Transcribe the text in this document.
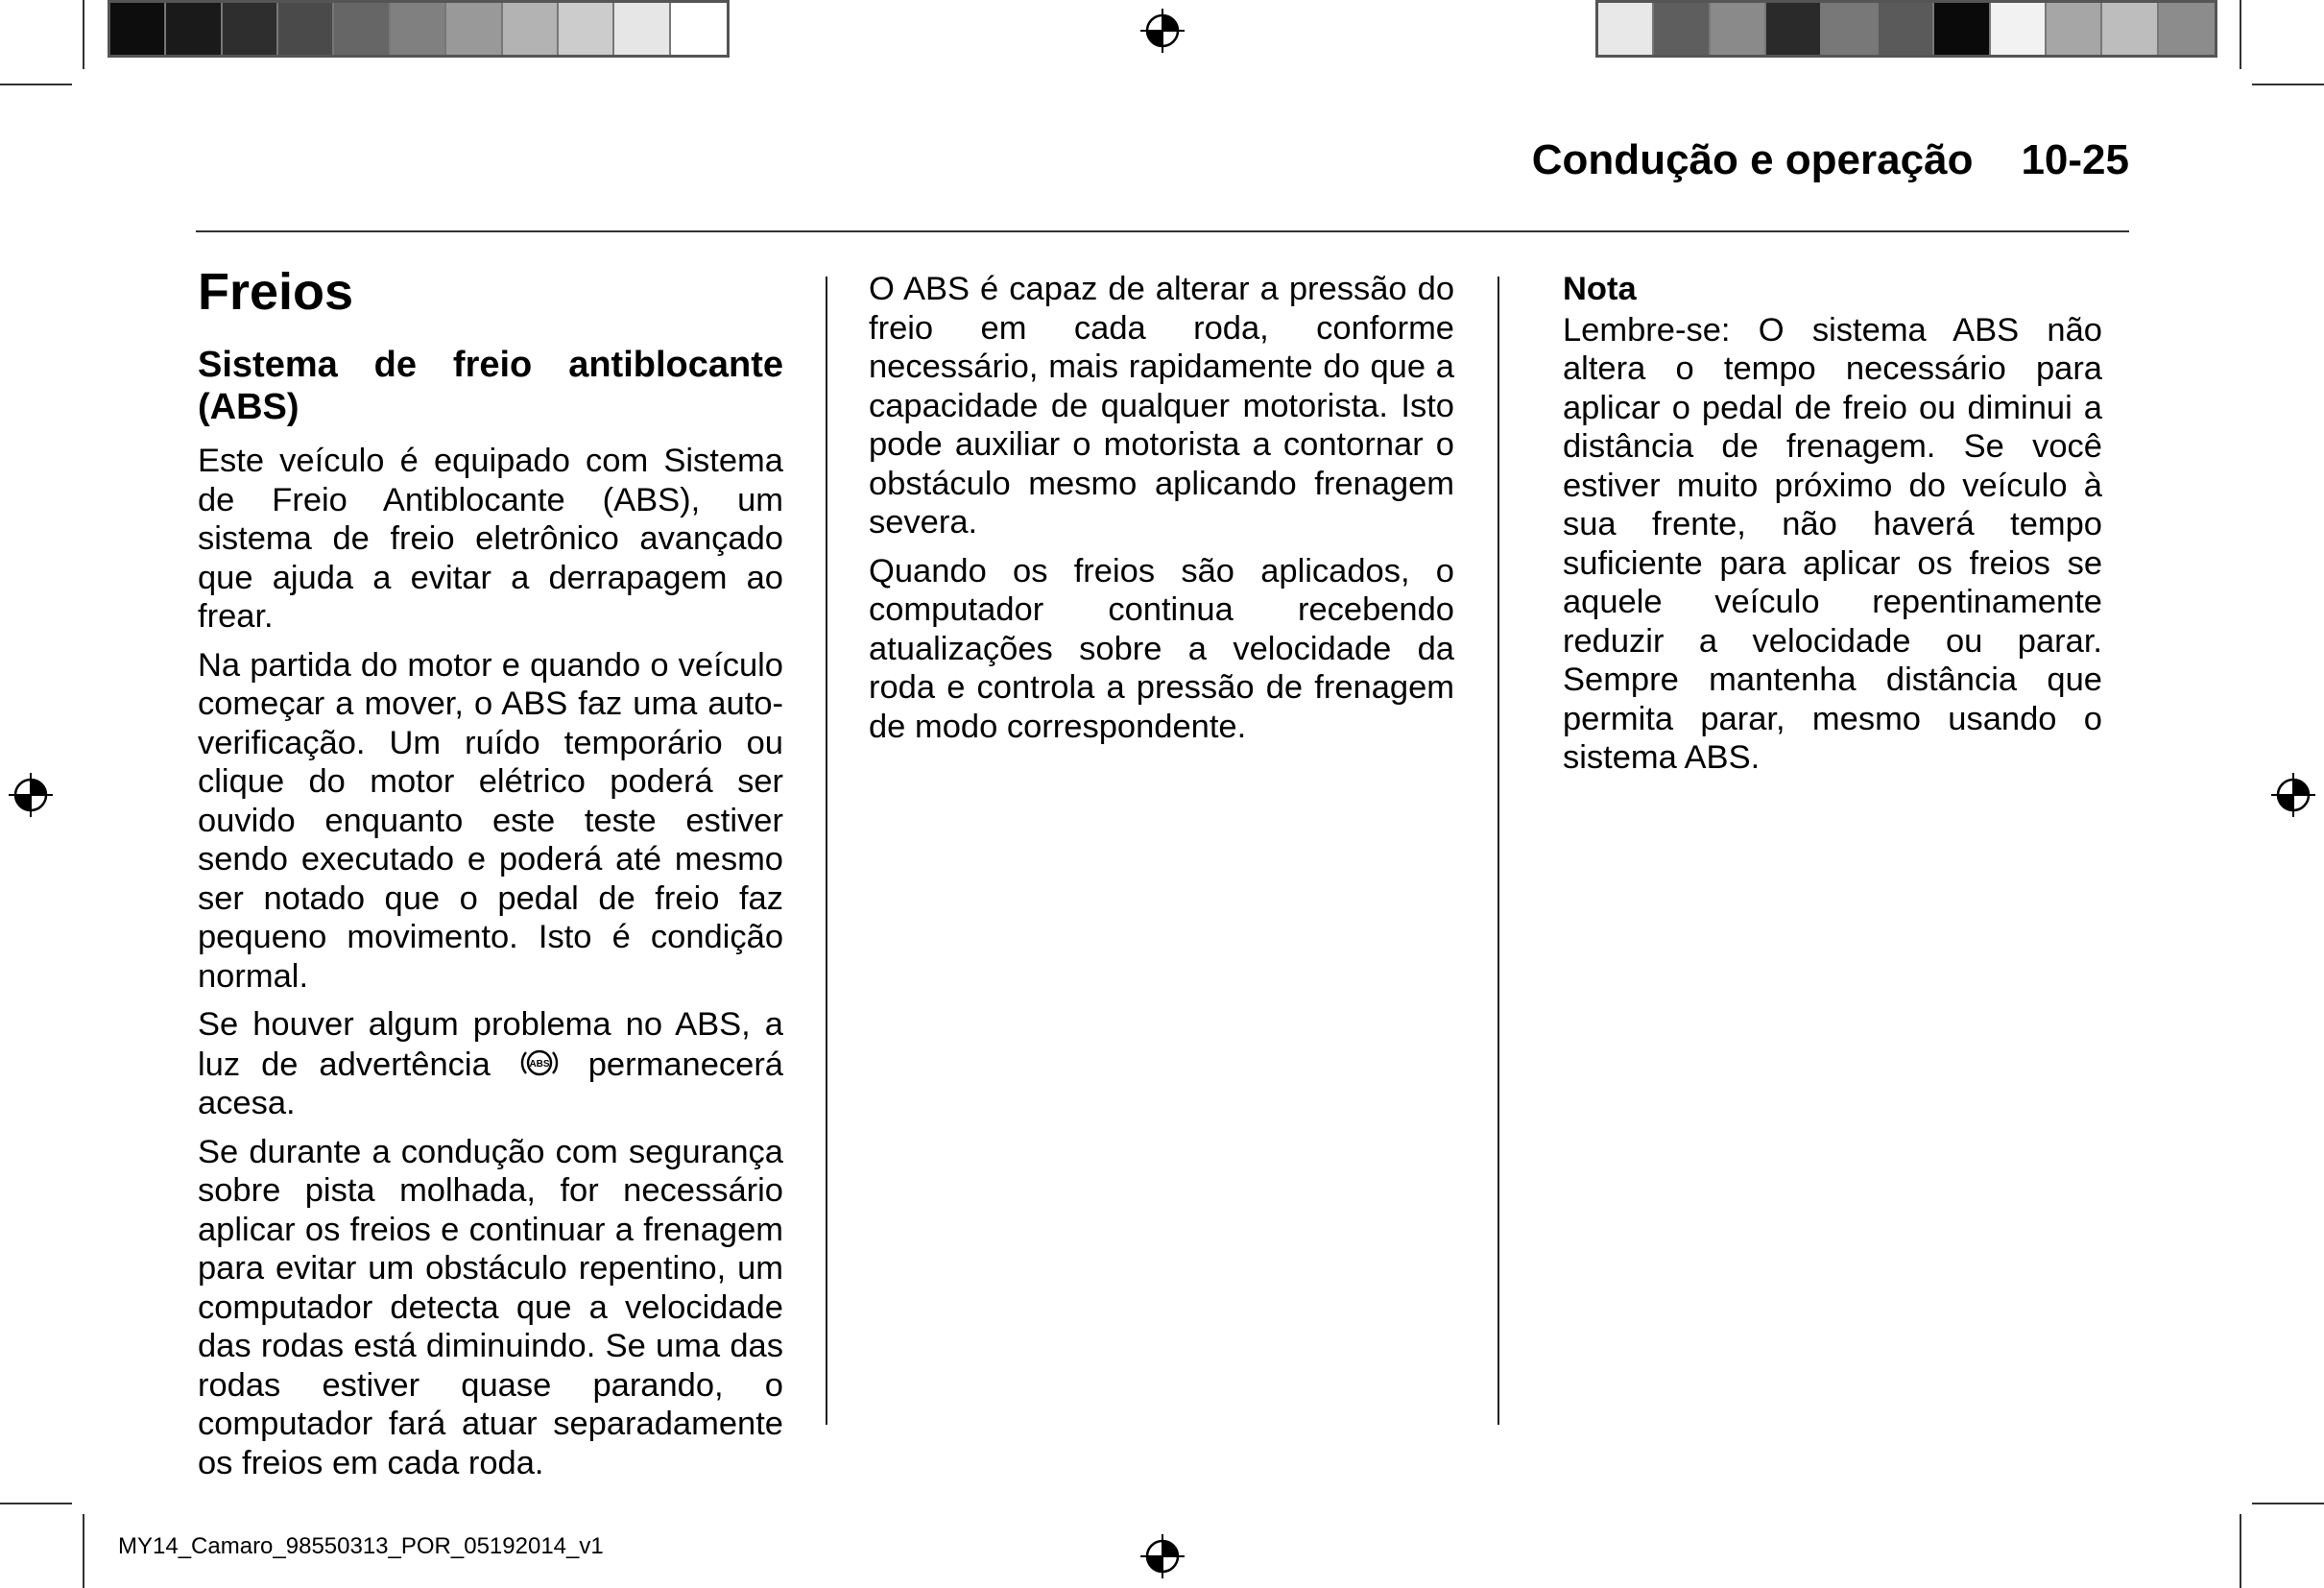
Condução e operação 10-25
Freios
Sistema de freio antiblocante (ABS)

Este veículo é equipado com Sistema de Freio Antiblocante (ABS), um sistema de freio eletrônico avançado que ajuda a evitar a derrapagem ao frear.

Na partida do motor e quando o veículo começar a mover, o ABS faz uma auto-verificação. Um ruído temporário ou clique do motor elétrico poderá ser ouvido enquanto este teste estiver sendo executado e poderá até mesmo ser notado que o pedal de freio faz pequeno movimento. Isto é condição normal.

Se houver algum problema no ABS, a luz de advertência	ABS permanecerá acesa.

Se durante a condução com segurança sobre pista molhada, for necessário aplicar os freios e continuar a frenagem para evitar um obstáculo repentino, um computador detecta que a velocidade das rodas está diminuindo. Se uma das rodas estiver quase parando, o computador fará atuar separadamente os freios em cada roda.

O ABS é capaz de alterar a pressão do freio em cada roda, conforme necessário, mais rapidamente do que a capacidade de qualquer motorista. Isto pode auxiliar o motorista a contornar o obstáculo mesmo aplicando frenagem severa.

Quando os freios são aplicados, o computador continua recebendo atualizações sobre a velocidade da roda e controla a pressão de frenagem de modo correspondente.

Nota

Lembre-se: O sistema ABS não altera o tempo necessário para aplicar o pedal de freio ou diminui a distância de frenagem. Se você estiver muito próximo do veículo à sua frente, não haverá tempo suficiente para aplicar os freios se aquele veículo repentinamente reduzir a velocidade ou parar. Sempre mantenha distância que permita parar, mesmo usando o sistema ABS.

MY14_Camaro_98550313_POR_05192014_v1
